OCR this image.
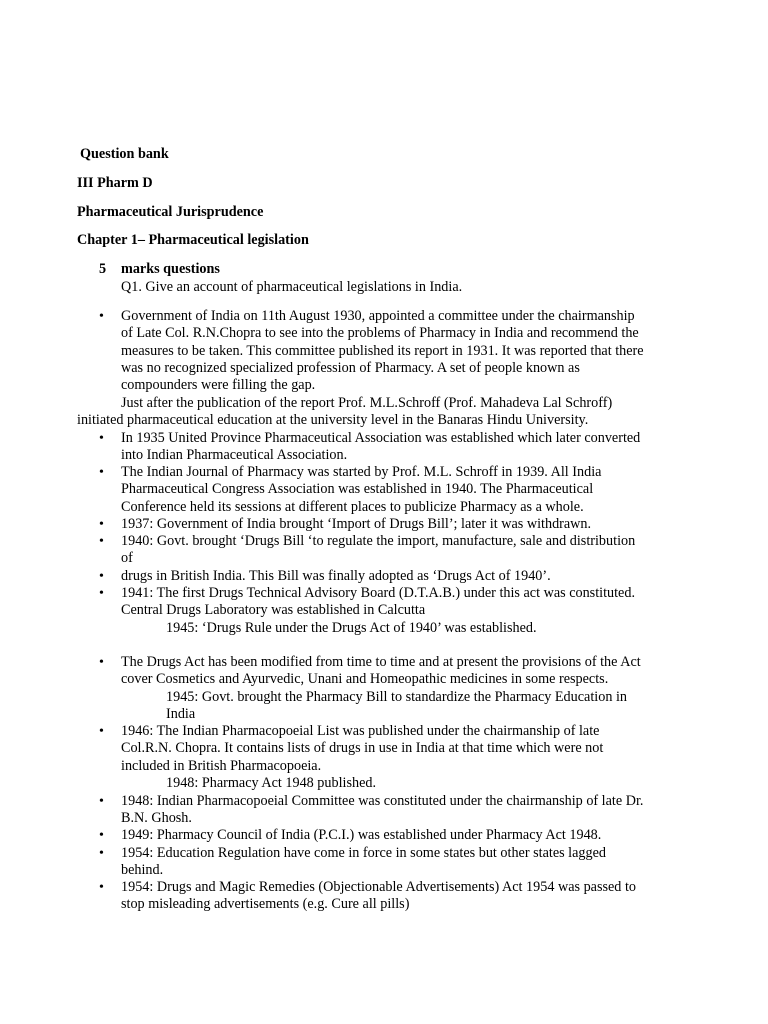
Question bank
III Pharm D
Pharmaceutical Jurisprudence
Chapter 1– Pharmaceutical legislation
5 marks questions
Q1. Give an account of pharmaceutical legislations in India.
• Government of India on 11th August 1930, appointed a committee under the chairmanship
of Late Col. R.N.Chopra to see into the problems of Pharmacy in India and recommend the
measures to be taken. This committee published its report in 1931. It was reported that there
was no recognized specialized profession of Pharmacy. A set of people known as
compounders were filling the gap.
Just after the publication of the report Prof. M.L.Schroff (Prof. Mahadeva Lal Schroff)
initiated pharmaceutical education at the university level in the Banaras Hindu University.
• In 1935 United Province Pharmaceutical Association was established which later converted
into Indian Pharmaceutical Association.
• The Indian Journal of Pharmacy was started by Prof. M.L. Schroff in 1939. All India
Pharmaceutical Congress Association was established in 1940. The Pharmaceutical
Conference held its sessions at different places to publicize Pharmacy as a whole.
• 1937: Government of India brought ‘Import of Drugs Bill’; later it was withdrawn.
• 1940: Govt. brought ‘Drugs Bill ‘to regulate the import, manufacture, sale and distribution
of
• drugs in British India. This Bill was finally adopted as ‘Drugs Act of 1940’.
• 1941: The first Drugs Technical Advisory Board (D.T.A.B.) under this act was constituted.
Central Drugs Laboratory was established in Calcutta
1945: ‘Drugs Rule under the Drugs Act of 1940’ was established.
• The Drugs Act has been modified from time to time and at present the provisions of the Act
cover Cosmetics and Ayurvedic, Unani and Homeopathic medicines in some respects.
1945: Govt. brought the Pharmacy Bill to standardize the Pharmacy Education in
India
• 1946: The Indian Pharmacopoeial List was published under the chairmanship of late
Col.R.N. Chopra. It contains lists of drugs in use in India at that time which were not
included in British Pharmacopoeia.
1948: Pharmacy Act 1948 published.
• 1948: Indian Pharmacopoeial Committee was constituted under the chairmanship of late Dr.
B.N. Ghosh.
• 1949: Pharmacy Council of India (P.C.I.) was established under Pharmacy Act 1948.
• 1954: Education Regulation have come in force in some states but other states lagged
behind.
• 1954: Drugs and Magic Remedies (Objectionable Advertisements) Act 1954 was passed to
stop misleading advertisements (e.g. Cure all pills)
